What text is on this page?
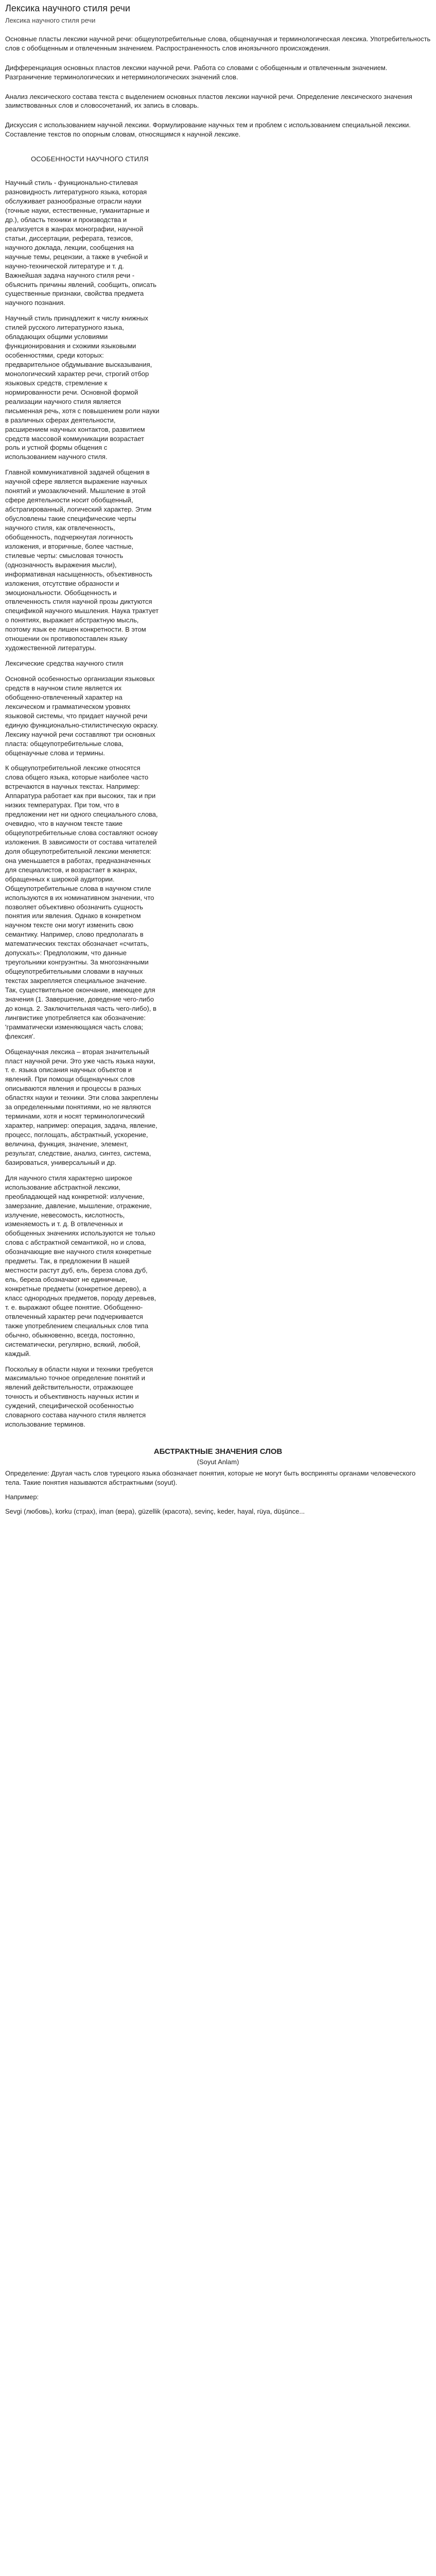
Лексика научного стиля речи
Лексика научного стиля речи

Основные пласты лексики научной речи: общеупотребительные слова, общенаучная и терминологическая лексика. Употребительность слов с обобщенным и отвлеченным значением. Распространенность слов иноязычного происхождения.

Дифференциация основных пластов лексики научной речи. Работа со словами с обобщенным и отвлеченным значением. Разграничение терминологических и нетерминологических значений слов.

Анализ лексического состава текста с выделением основных пластов лексики научной речи. Определение лексического значения заимствованных слов и словосочетаний, их запись в словарь.

Дискуссия с использованием научной лексики. Формулирование научных тем и проблем с использованием специальной лексики. Составление текстов по опорным словам, относящимся к научной лексике.

ОСОБЕННОСТИ НАУЧНОГО СТИЛЯ

Научный стиль - функционально-стилевая разновидность литературного языка, которая обслуживает разнообразные отрасли науки (точные науки, естественные, гуманитарные и др.), область техники и производства и реализуется в жанрах монографии, научной статьи, диссертации, реферата, тезисов, научного доклада, лекции, сообщения на научные темы, рецензии, а также в учебной и научно-технической литературе и т. д. Важнейшая задача научного стиля речи - объяснить причины явлений, сообщить, описать существенные признаки, свойства предмета научного познания.

Научный стиль принадлежит к числу книжных стилей русского литературного языка, обладающих общими условиями функционирования и схожими языковыми особенностями, среди которых: предварительное обдумывание высказывания, монологический характер речи, строгий отбор языковых средств, стремление к нормированности речи. Основной формой реализации научного стиля является письменная речь, хотя с повышением роли науки в различных сферах деятельности, расширением научных контактов, развитием средств массовой коммуникации возрастает роль и устной формы общения с использованием научного стиля.

Главной коммуникативной задачей общения в научной сфере является выражение научных понятий и умозаключений. Мышление в этой сфере деятельности носит обобщенный, абстрагированный, логический характер. Этим обусловлены такие специфические черты научного стиля, как отвлеченность, обобщенность, подчеркнутая логичность изложения, и вторичные, более частные, стилевые черты: смысловая точность (однозначность выражения мысли), информативная насыщенность, объективность изложения, отсутствие образности и эмоциональности. Обобщенность и отвлеченность стиля научной прозы диктуются спецификой научного мышления. Наука трактует о понятиях, выражает абстрактную мысль, поэтому язык ее лишен конкретности. В этом отношении он противопоставлен языку художественной литературы.

Лексические средства научного стиля

Основной особенностью организации языковых средств в научном стиле является их обобщенно-отвлеченный характер на лексическом и грамматическом уровнях языковой системы, что придает научной речи единую функционально-стилистическую окраску. Лексику научной речи составляют три основных пласта: общеупотребительные слова, общенаучные слова и термины.

К общеупотребительной лексике относятся слова общего языка, которые наиболее часто встречаются в научных текстах. Например: Аппаратура работает как при высоких, так и при низких температурах. При том, что в предложении нет ни одного специального слова, очевидно, что в научном тексте такие общеупотребительные слова составляют основу изложения. В зависимости от состава читателей доля общеупотребительной лексики меняется: она уменьшается в работах, предназначенных для специалистов, и возрастает в жанрах, обращенных к широкой аудитории. Общеупотребительные слова в научном стиле используются в их номинативном значении, что позволяет объективно обозначить сущность понятия или явления. Однако в конкретном научном тексте они могут изменить свою семантику. Например, слово предполагать в математических текстах обозначает «считать, допускать»: Предположим, что данные треугольники конгруэнтны. За многозначными общеупотребительными словами в научных текстах закрепляется специальное значение. Так, существительное окончание, имеющее для значения (1. Завершение, доведение чего-либо до конца. 2. Заключительная часть чего-либо), в лингвистике употребляется как обозначение: 'грамматически изменяющаяся часть слова; флексия'.

Общенаучная лексика – вторая значительный пласт научной речи. Это уже часть языка науки, т. е. языка описания научных объектов и явлений. При помощи общенаучных слов описываются явления и процессы в разных областях науки и техники. Эти слова закреплены за определенными понятиями, но не являются терминами, хотя и носят терминологический характер, например: операция, задача, явление, процесс, поглощать, абстрактный, ускорение, величина, функция, значение, элемент, результат, следствие, анализ, синтез, система, базироваться, универсальный и др.

Для научного стиля характерно широкое использование абстрактной лексики, преобладающей над конкретной: излучение, замерзание, давление, мышление, отражение, излучение, невесомость, кислотность, изменяемость и т. д. В отвлеченных и обобщенных значениях используются не только слова с абстрактной семантикой, но и слова, обозначающие вне научного стиля конкретные предметы. Так, в предложении В нашей местности растут дуб, ель, береза слова дуб, ель, береза обозначают не единичные, конкретные предметы (конкретное дерево), а класс однородных предметов, породу деревьев, т. е. выражают общее понятие. Обобщенно-отвлеченный характер речи подчеркивается также употреблением специальных слов типа обычно, обыкновенно, всегда, постоянно, систематически, регулярно, всякий, любой, каждый.

Поскольку в области науки и техники требуется максимально точное определение понятий и явлений действительности, отражающее точность и объективность научных истин и суждений, специфической особенностью словарного состава научного стиля является использование терминов.

АБСТРАКТНЫЕ ЗНАЧЕНИЯ СЛОВ
(Soyut Anlam)

Определение: Другая часть слов турецкого языка обозначает понятия, которые не могут быть восприняты органами человеческого тела. Такие понятия называются абстрактными (soyut).

Например:

Sevgi (любовь), korku (страх), iman (вера), güzellik (красота), sevinç, keder, hayal, rüya, düşünce...
